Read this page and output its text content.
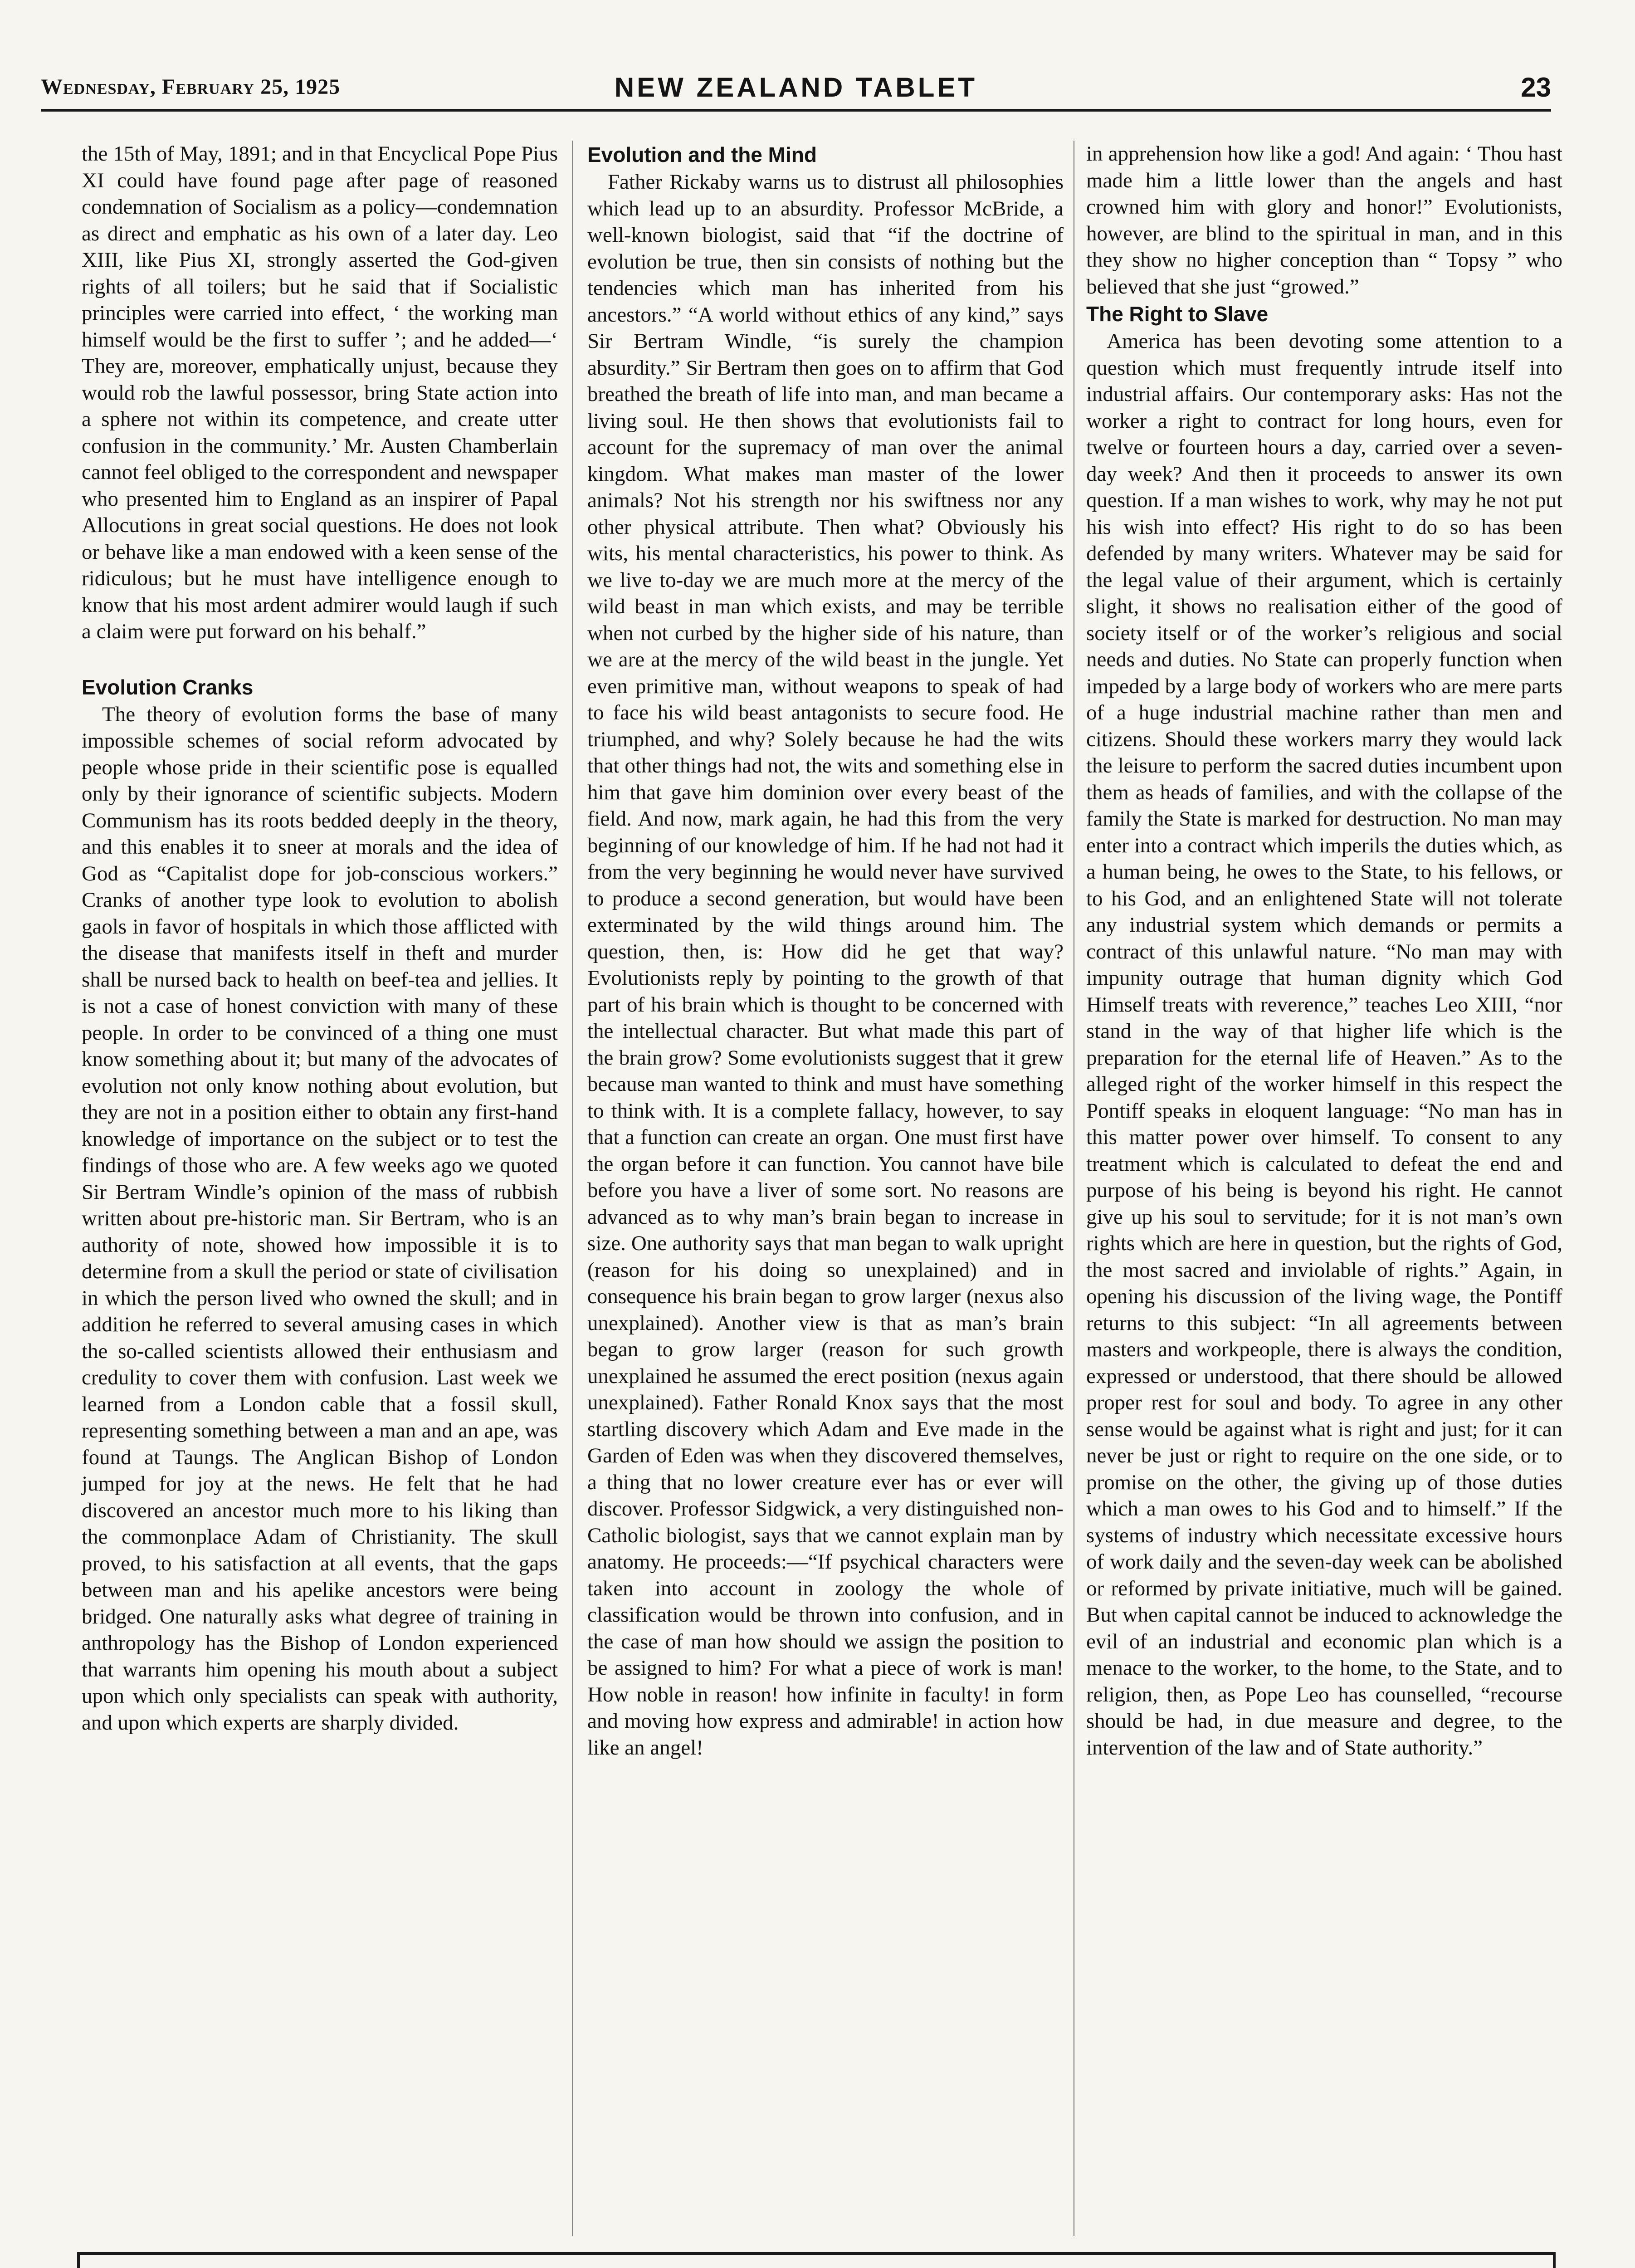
Wednesday, February 25, 1925	NEW ZEALAND TABLET	23

the 15th of May, 1891; and in that Encyclical Pope Pius XI could have found page after page of reasoned condemnation of Socialism as a policy—condemnation as direct and emphatic as his own of a later day. Leo XIII, like Pius XI, strongly asserted the God-given rights of all toilers; but he said that if Socialistic principles were carried into effect, ‘ the working man himself would be the first to suffer ’; and he added—‘ They are, moreover, emphatically unjust, because they would rob the lawful possessor, bring State action into a sphere not within its competence, and create utter confusion in the community.’ Mr. Austen Chamberlain cannot feel obliged to the correspondent and newspaper who presented him to England as an inspirer of Papal Allocutions in great social questions. He does not look or behave like a man endowed with a keen sense of the ridiculous; but he must have intelligence enough to know that his most ardent admirer would laugh if such a claim were put forward on his behalf.”

Evolution Cranks

The theory of evolution forms the base of many impossible schemes of social reform advocated by people whose pride in their scientific pose is equalled only by their ignorance of scientific subjects. Modern Communism has its roots bedded deeply in the theory, and this enables it to sneer at morals and the idea of God as “Capitalist dope for job-conscious workers.” Cranks of another type look to evolution to abolish gaols in favor of hospitals in which those afflicted with the disease that manifests itself in theft and murder shall be nursed back to health on beef-tea and jellies. It is not a case of honest conviction with many of these people. In order to be convinced of a thing one must know something about it; but many of the advocates of evolution not only know nothing about evolution, but they are not in a position either to obtain any first-hand knowledge of importance on the subject or to test the findings of those who are. A few weeks ago we quoted Sir Bertram Windle’s opinion of the mass of rubbish written about pre-historic man. Sir Bertram, who is an authority of note, showed how impossible it is to determine from a skull the period or state of civilisation in which the person lived who owned the skull; and in addition he referred to several amusing cases in which the so-called scientists allowed their enthusiasm and credulity to cover them with confusion. Last week we learned from a London cable that a fossil skull, representing something between a man and an ape, was found at Taungs. The Anglican Bishop of London jumped for joy at the news. He felt that he had discovered an ancestor much more to his liking than the commonplace Adam of Christianity. The skull proved, to his satisfaction at all events, that the gaps between man and his apelike ancestors were being bridged. One naturally asks what degree of training in anthropology has the Bishop of London experienced that warrants him opening his mouth about a subject upon which only specialists can speak with authority, and upon which experts are sharply divided.

Evolution and the Mind

Father Rickaby warns us to distrust all philosophies which lead up to an absurdity. Professor McBride, a well-known biologist, said that “if the doctrine of evolution be true, then sin consists of nothing but the tendencies which man has inherited from his ancestors.” “A world without ethics of any kind,” says Sir Bertram Windle, “is surely the champion absurdity.” Sir Bertram then goes on to affirm that God breathed the breath of life into man, and man became a living soul. He then shows that evolutionists fail to account for the supremacy of man over the animal kingdom. What makes man master of the lower animals? Not his strength nor his swiftness nor any other physical attribute. Then what? Obviously his wits, his mental characteristics, his power to think. As we live to-day we are much more at the mercy of the wild beast in man which exists, and may be terrible when not curbed by the higher side of his nature, than we are at the mercy of the wild beast in the jungle. Yet even primitive man, without weapons to speak of had to face his wild beast antagonists to secure food. He triumphed, and why? Solely because he had the wits that other things had not, the wits and something else in him that gave him dominion over every beast of the field. And now, mark again, he had this from the very beginning of our knowledge of him. If he had not had it from the very beginning he would never have survived to produce a second generation, but would have been exterminated by the wild things around him. The question, then, is: How did he get that way? Evolutionists reply by pointing to the growth of that part of his brain which is thought to be concerned with the intellectual character. But what made this part of the brain grow? Some evolutionists suggest that it grew because man wanted to think and must have something to think with. It is a complete fallacy, however, to say that a function can create an organ. One must first have the organ before it can function. You cannot have bile before you have a liver of some sort. No reasons are advanced as to why man’s brain began to increase in size. One authority says that man began to walk upright (reason for his doing so unexplained) and in consequence his brain began to grow larger (nexus also unexplained). Another view is that as man’s brain began to grow larger (reason for such growth unexplained he assumed the erect position (nexus again unexplained). Father Ronald Knox says that the most startling discovery which Adam and Eve made in the Garden of Eden was when they discovered themselves, a thing that no lower creature ever has or ever will discover. Professor Sidgwick, a very distinguished non-Catholic biologist, says that we cannot explain man by anatomy. He proceeds:—“If psychical characters were taken into account in zoology the whole of classification would be thrown into confusion, and in the case of man how should we assign the position to be assigned to him? For what a piece of work is man! How noble in reason! how infinite in faculty! in form and moving how express and admirable! in action how like an angel!

in apprehension how like a god! And again: ‘ Thou hast made him a little lower than the angels and hast crowned him with glory and honor!” Evolutionists, however, are blind to the spiritual in man, and in this they show no higher conception than “ Topsy ” who believed that she just “growed.”

The Right to Slave

America has been devoting some attention to a question which must frequently intrude itself into industrial affairs. Our contemporary asks: Has not the worker a right to contract for long hours, even for twelve or fourteen hours a day, carried over a seven-day week? And then it proceeds to answer its own question. If a man wishes to work, why may he not put his wish into effect? His right to do so has been defended by many writers. Whatever may be said for the legal value of their argument, which is certainly slight, it shows no realisation either of the good of society itself or of the worker’s religious and social needs and duties. No State can properly function when impeded by a large body of workers who are mere parts of a huge industrial machine rather than men and citizens. Should these workers marry they would lack the leisure to perform the sacred duties incumbent upon them as heads of families, and with the collapse of the family the State is marked for destruction. No man may enter into a contract which imperils the duties which, as a human being, he owes to the State, to his fellows, or to his God, and an enlightened State will not tolerate any industrial system which demands or permits a contract of this unlawful nature. “No man may with impunity outrage that human dignity which God Himself treats with reverence,” teaches Leo XIII, “nor stand in the way of that higher life which is the preparation for the eternal life of Heaven.” As to the alleged right of the worker himself in this respect the Pontiff speaks in eloquent language: “No man has in this matter power over himself. To consent to any treatment which is calculated to defeat the end and purpose of his being is beyond his right. He cannot give up his soul to servitude; for it is not man’s own rights which are here in question, but the rights of God, the most sacred and inviolable of rights.” Again, in opening his discussion of the living wage, the Pontiff returns to this subject: “In all agreements between masters and workpeople, there is always the condition, expressed or understood, that there should be allowed proper rest for soul and body. To agree in any other sense would be against what is right and just; for it can never be just or right to require on the one side, or to promise on the other, the giving up of those duties which a man owes to his God and to himself.” If the systems of industry which necessitate excessive hours of work daily and the seven-day week can be abolished or reformed by private initiative, much will be gained. But when capital cannot be induced to acknowledge the evil of an industrial and economic plan which is a menace to the worker, to the home, to the State, and to religion, then, as Pope Leo has counselled, “recourse should be had, in due measure and degree, to the intervention of the law and of State authority.”
